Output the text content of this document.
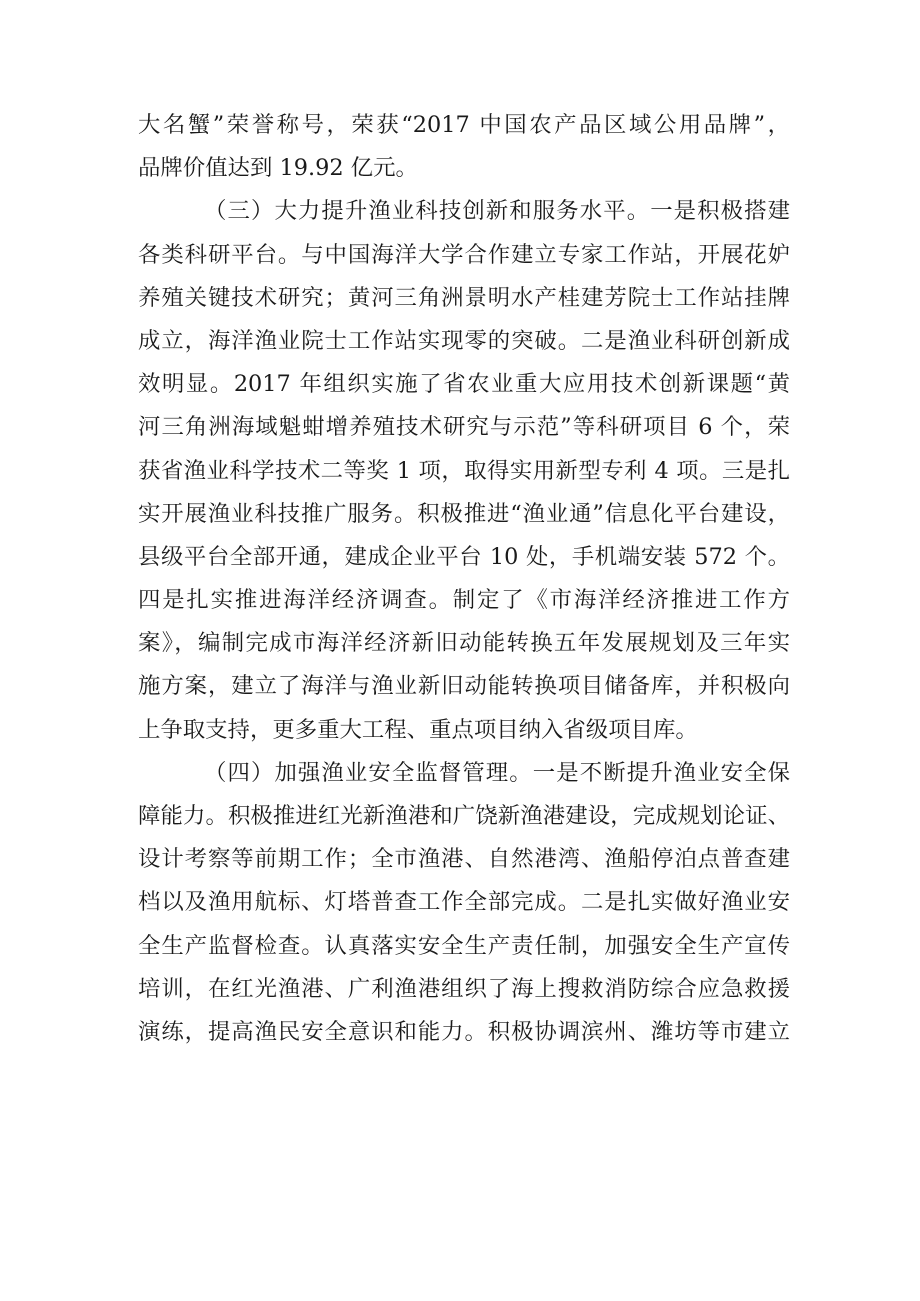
大名蟹”荣誉称号，荣获“2017 中国农产品区域公用品牌”，
品牌价值达到 19.92 亿元。
（三）大力提升渔业科技创新和服务水平。一是积极搭建
各类科研平台。与中国海洋大学合作建立专家工作站，开展花妒
养殖关键技术研究；黄河三角洲景明水产桂建芳院士工作站挂牌
成立，海洋渔业院士工作站实现零的突破。二是渔业科研创新成
效明显。2017 年组织实施了省农业重大应用技术创新课题“黄
河三角洲海域魁蚶增养殖技术研究与示范”等科研项目 6 个，荣
获省渔业科学技术二等奖 1 项，取得实用新型专利 4 项。三是扎
实开展渔业科技推广服务。积极推进“渔业通”信息化平台建设，
县级平台全部开通，建成企业平台 10 处，手机端安装 572 个。
四是扎实推进海洋经济调查。制定了《市海洋经济推进工作方
案》，编制完成市海洋经济新旧动能转换五年发展规划及三年实
施方案，建立了海洋与渔业新旧动能转换项目储备库，并积极向
上争取支持，更多重大工程、重点项目纳入省级项目库。
（四）加强渔业安全监督管理。一是不断提升渔业安全保
障能力。积极推进红光新渔港和广饶新渔港建设，完成规划论证、
设计考察等前期工作；全市渔港、自然港湾、渔船停泊点普查建
档以及渔用航标、灯塔普查工作全部完成。二是扎实做好渔业安
全生产监督检查。认真落实安全生产责任制，加强安全生产宣传
培训，在红光渔港、广利渔港组织了海上搜救消防综合应急救援
演练，提高渔民安全意识和能力。积极协调滨州、潍坊等市建立
